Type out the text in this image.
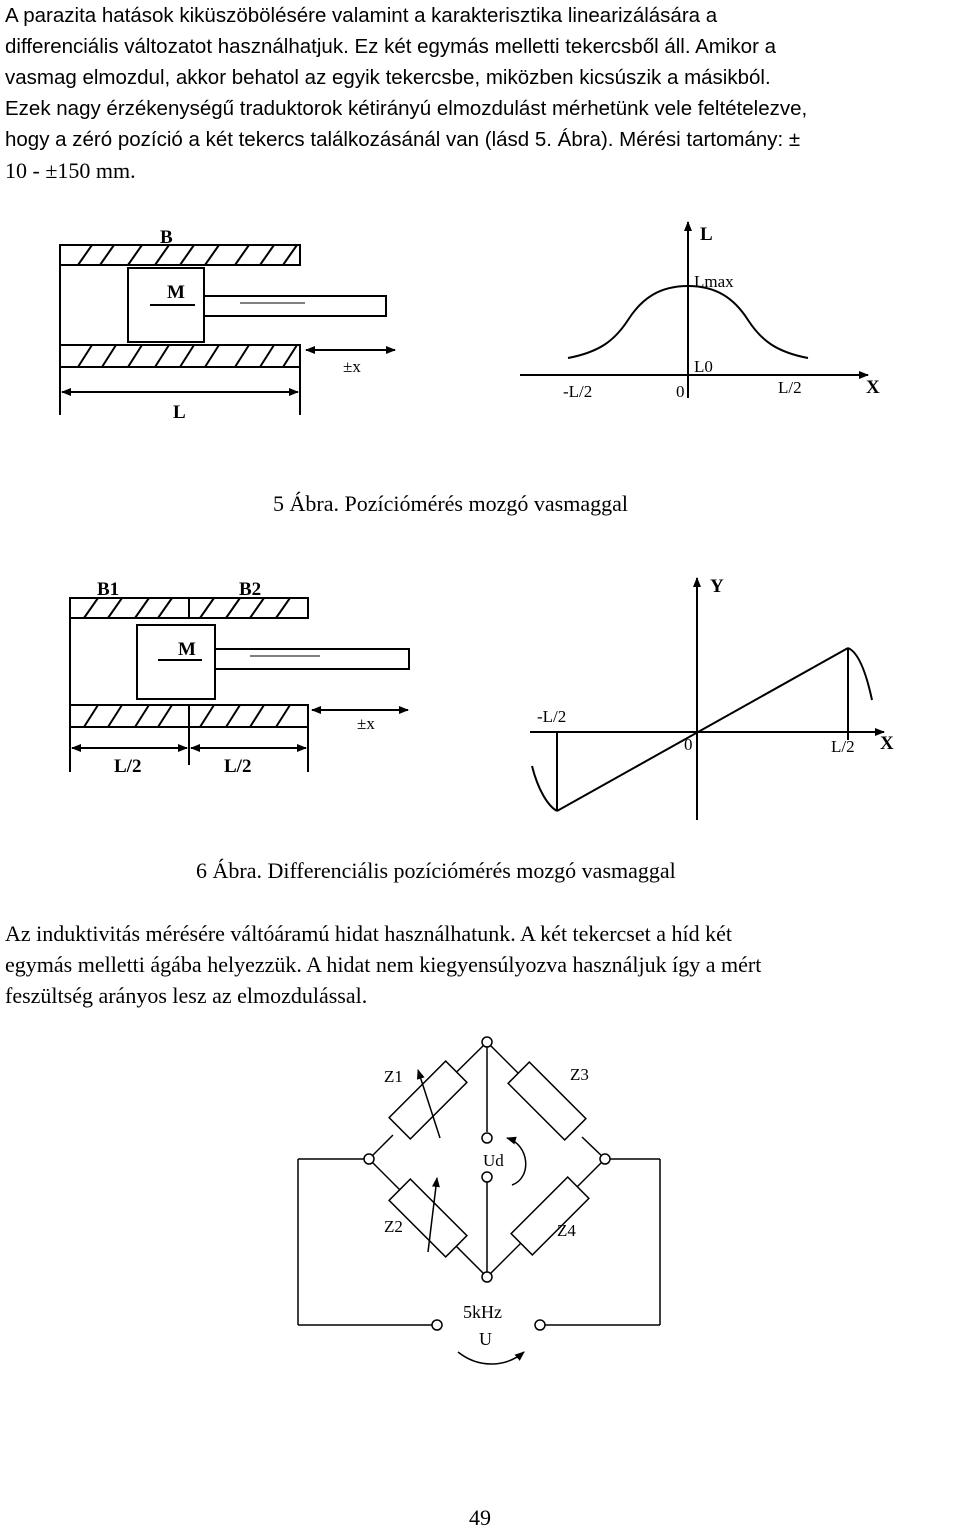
A parazita hatások kiküszöbölésére valamint a karakterisztika linearizálására a
differenciális változatot használhatjuk. Ez két egymás melletti tekercsből áll. Amikor a
vasmag elmozdul, akkor behatol az egyik tekercsbe, miközben kicsúszik a másikból.
Ezek nagy érzékenységű traduktorok kétirányú elmozdulást mérhetünk vele feltételezve,
hogy a zéró pozíció a két tekercs találkozásánál van (lásd 5. Ábra). Mérési tartomány: ±
10 - ±150 mm.
B
M
±x
L
L
Lmax
L0
X
-L/2	0	L/2
5 Ábra. Pozíciómérés mozgó vasmaggal
B1	B2
M
±x
L/2	L/2
Y
X
-L/2
0	L/2
6 Ábra. Differenciális pozíciómérés mozgó vasmaggal
Az induktivitás mérésére váltóáramú hidat használhatunk. A két tekercset a híd két
egymás melletti ágába helyezzük. A hidat nem kiegyensúlyozva használjuk így a mért
feszültség arányos lesz az elmozdulással.
Z1	Z3
Z2	Z4
Ud
5kHz
U
49
